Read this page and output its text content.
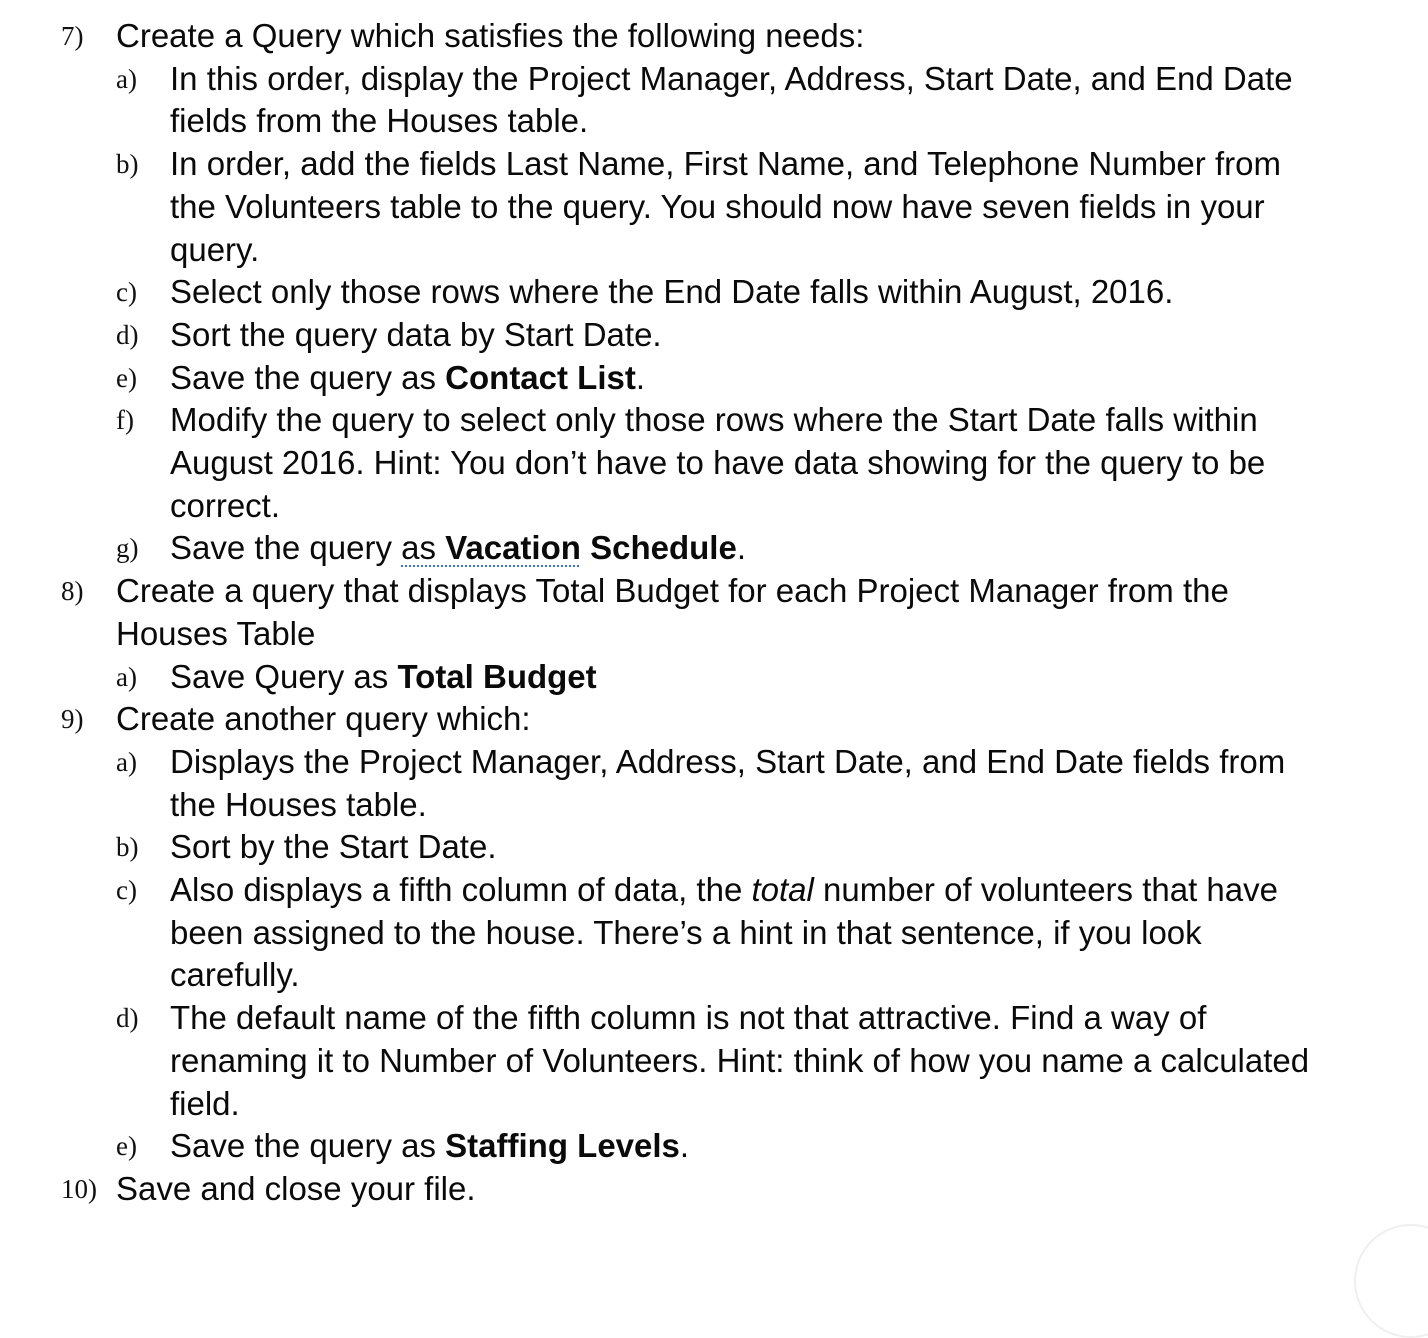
7) Create a Query which satisfies the following needs:
a) In this order, display the Project Manager, Address, Start Date, and End Date fields from the Houses table.
b) In order, add the fields Last Name, First Name, and Telephone Number from the Volunteers table to the query. You should now have seven fields in your query.
c) Select only those rows where the End Date falls within August, 2016.
d) Sort the query data by Start Date.
e) Save the query as Contact List.
f) Modify the query to select only those rows where the Start Date falls within August 2016. Hint: You don’t have to have data showing for the query to be correct.
g) Save the query as Vacation Schedule.
8) Create a query that displays Total Budget for each Project Manager from the Houses Table
a) Save Query as Total Budget
9) Create another query which:
a) Displays the Project Manager, Address, Start Date, and End Date fields from the Houses table.
b) Sort by the Start Date.
c) Also displays a fifth column of data, the total number of volunteers that have been assigned to the house. There’s a hint in that sentence, if you look carefully.
d) The default name of the fifth column is not that attractive. Find a way of renaming it to Number of Volunteers. Hint: think of how you name a calculated field.
e) Save the query as Staffing Levels.
10) Save and close your file.
